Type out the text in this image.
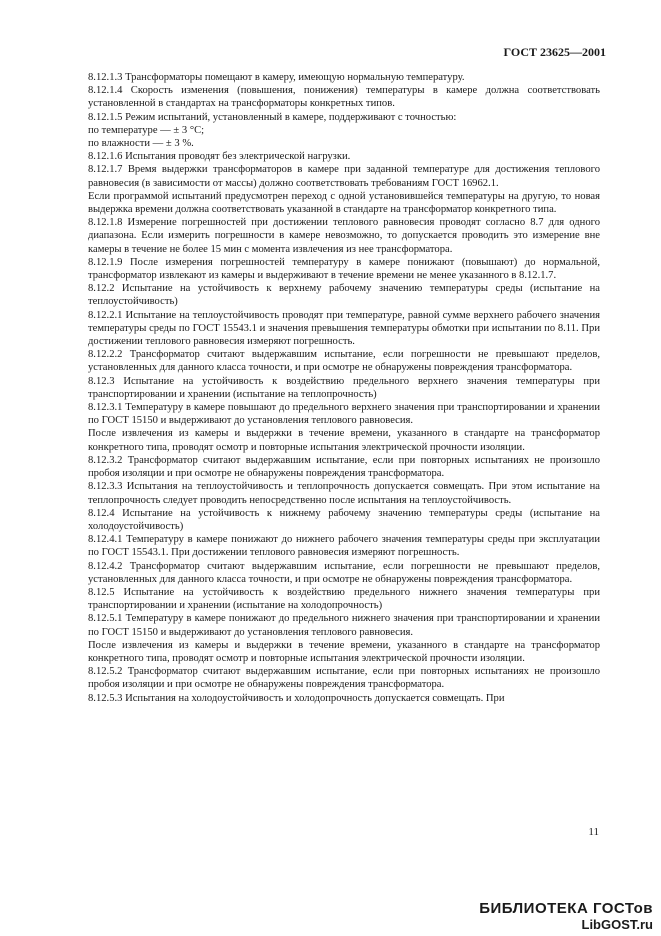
ГОСТ 23625—2001

8.12.1.3 Трансформаторы помещают в камеру, имеющую нормальную температуру.

8.12.1.4 Скорость изменения (повышения, понижения) температуры в камере должна соответствовать установленной в стандартах на трансформаторы конкретных типов.

8.12.1.5 Режим испытаний, установленный в камере, поддерживают с точностью:

по температуре — ± 3 °С;

по влажности — ± 3 %.

8.12.1.6 Испытания проводят без электрической нагрузки.

8.12.1.7 Время выдержки трансформаторов в камере при заданной температуре для достижения теплового равновесия (в зависимости от массы) должно соответствовать требованиям ГОСТ 16962.1.

Если программой испытаний предусмотрен переход с одной установившейся температуры на другую, то новая выдержка времени должна соответствовать указанной в стандарте на трансформатор конкретного типа.

8.12.1.8 Измерение погрешностей при достижении теплового равновесия проводят согласно 8.7 для одного диапазона. Если измерить погрешности в камере невозможно, то допускается проводить это измерение вне камеры в течение не более 15 мин с момента извлечения из нее трансформатора.

8.12.1.9 После измерения погрешностей температуру в камере понижают (повышают) до нормальной, трансформатор извлекают из камеры и выдерживают в течение времени не менее указанного в 8.12.1.7.

8.12.2 Испытание на устойчивость к верхнему рабочему значению температуры среды (испытание на теплоустойчивость)

8.12.2.1 Испытание на теплоустойчивость проводят при температуре, равной сумме верхнего рабочего значения температуры среды по ГОСТ 15543.1 и значения превышения температуры обмотки при испытании по 8.11. При достижении теплового равновесия измеряют погрешность.

8.12.2.2 Трансформатор считают выдержавшим испытание, если погрешности не превышают пределов, установленных для данного класса точности, и при осмотре не обнаружены повреждения трансформатора.

8.12.3 Испытание на устойчивость к воздействию предельного верхнего значения температуры при транспортировании и хранении (испытание на теплопрочность)

8.12.3.1 Температуру в камере повышают до предельного верхнего значения при транспортировании и хранении по ГОСТ 15150 и выдерживают до установления теплового равновесия.

После извлечения из камеры и выдержки в течение времени, указанного в стандарте на трансформатор конкретного типа, проводят осмотр и повторные испытания электрической прочности изоляции.

8.12.3.2 Трансформатор считают выдержавшим испытание, если при повторных испытаниях не произошло пробоя изоляции и при осмотре не обнаружены повреждения трансформатора.

8.12.3.3 Испытания на теплоустойчивость и теплопрочность допускается совмещать. При этом испытание на теплопрочность следует проводить непосредственно после испытания на теплоустойчивость.

8.12.4 Испытание на устойчивость к нижнему рабочему значению температуры среды (испытание на холодоустойчивость)

8.12.4.1 Температуру в камере понижают до нижнего рабочего значения температуры среды при эксплуатации по ГОСТ 15543.1. При достижении теплового равновесия измеряют погрешность.

8.12.4.2 Трансформатор считают выдержавшим испытание, если погрешности не превышают пределов, установленных для данного класса точности, и при осмотре не обнаружены повреждения трансформатора.

8.12.5 Испытание на устойчивость к воздействию предельного нижнего значения температуры при транспортировании и хранении (испытание на холодопрочность)

8.12.5.1 Температуру в камере понижают до предельного нижнего значения при транспортировании и хранении по ГОСТ 15150 и выдерживают до установления теплового равновесия.

После извлечения из камеры и выдержки в течение времени, указанного в стандарте на трансформатор конкретного типа, проводят осмотр и повторные испытания электрической прочности изоляции.

8.12.5.2 Трансформатор считают выдержавшим испытание, если при повторных испытаниях не произошло пробоя изоляции и при осмотре не обнаружены повреждения трансформатора.

8.12.5.3 Испытания на холодоустойчивость и холодопрочность допускается совмещать. При

11
БИБЛИОТЕКА ГОСТов
LibGOST.ru
